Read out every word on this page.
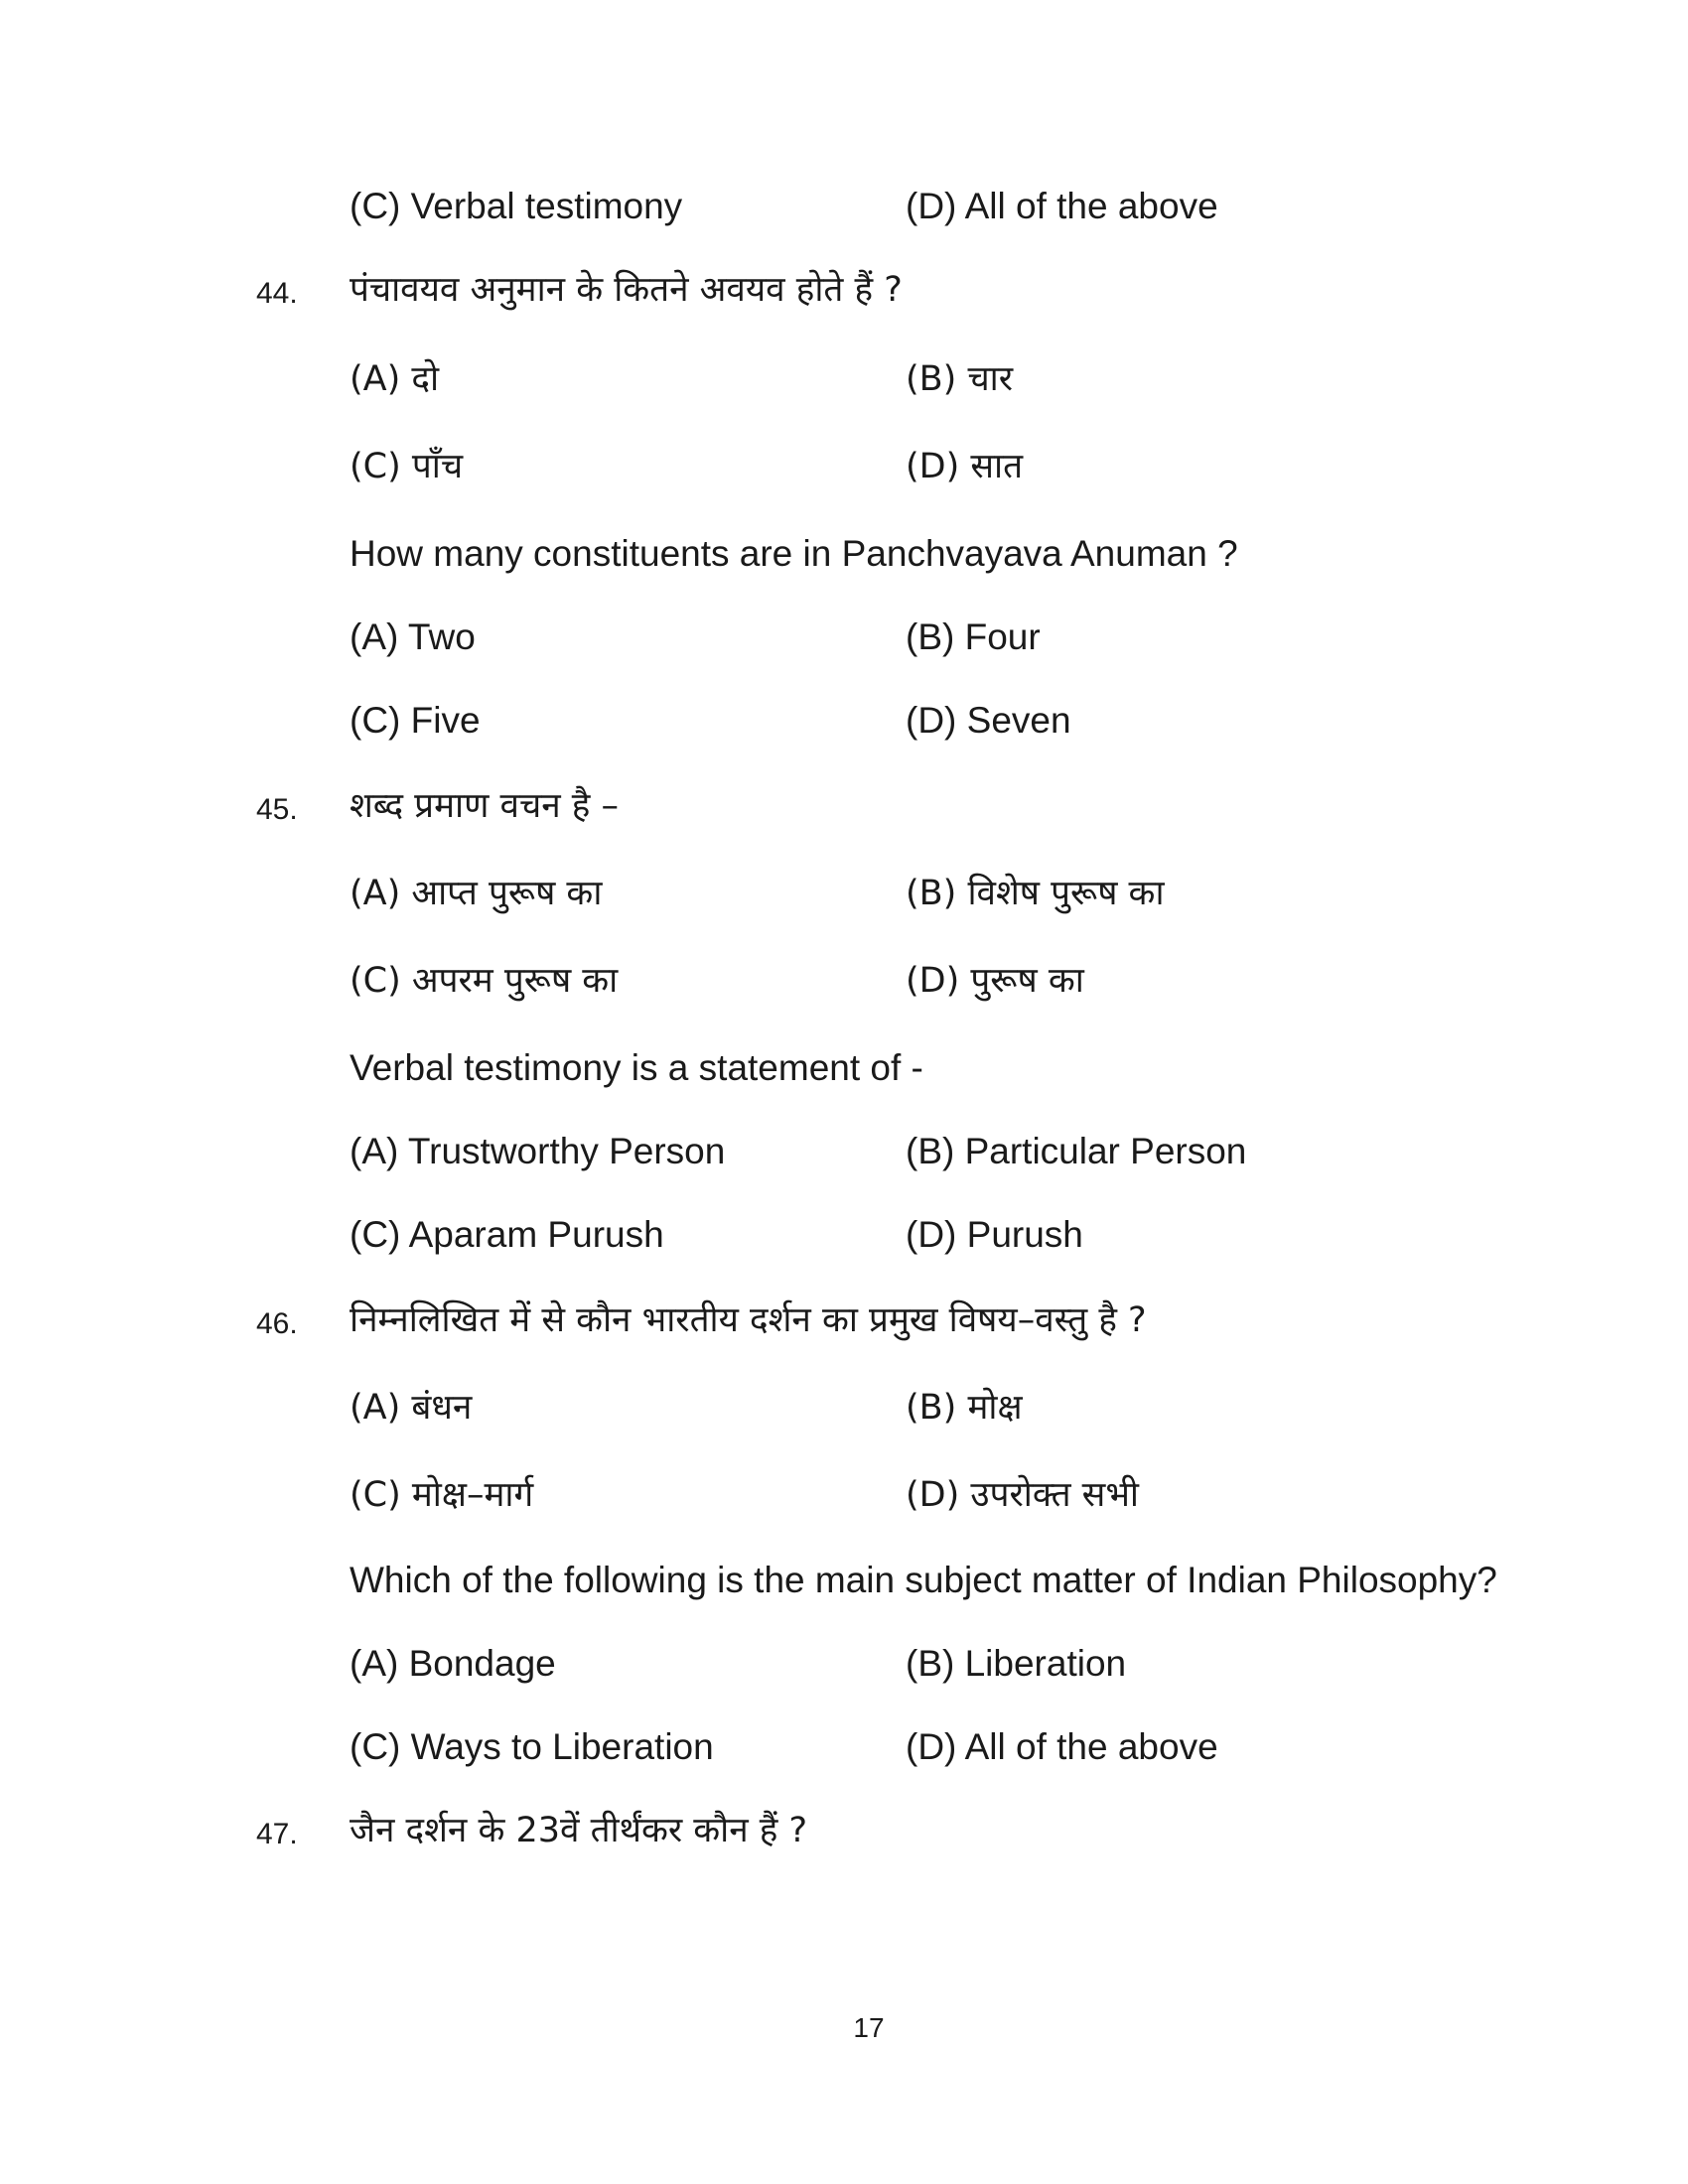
(C) Verbal testimony	(D) All of the above
44. पंचावयव अनुमान के कितने अवयव होते हैं ?
(A) दो	(B) चार
(C) पाँच	(D) सात
How many constituents are in Panchvayava Anuman ?
(A) Two	(B) Four
(C) Five	(D) Seven
45. शब्द प्रमाण वचन है –
(A) आप्त पुरूष का	(B) विशेष पुरूष का
(C) अपरम पुरूष का	(D) पुरूष का
Verbal testimony is a statement of -
(A) Trustworthy Person	(B) Particular Person
(C) Aparam Purush	(D) Purush
46. निम्नलिखित में से कौन भारतीय दर्शन का प्रमुख विषय–वस्तु है ?
(A) बंधन	(B) मोक्ष
(C) मोक्ष–मार्ग	(D) उपरोक्त सभी
Which of the following is the main subject matter of Indian Philosophy?
(A) Bondage	(B) Liberation
(C) Ways to Liberation	(D) All of the above
47. जैन दर्शन के 23वें तीर्थंकर कौन हैं ?
17
